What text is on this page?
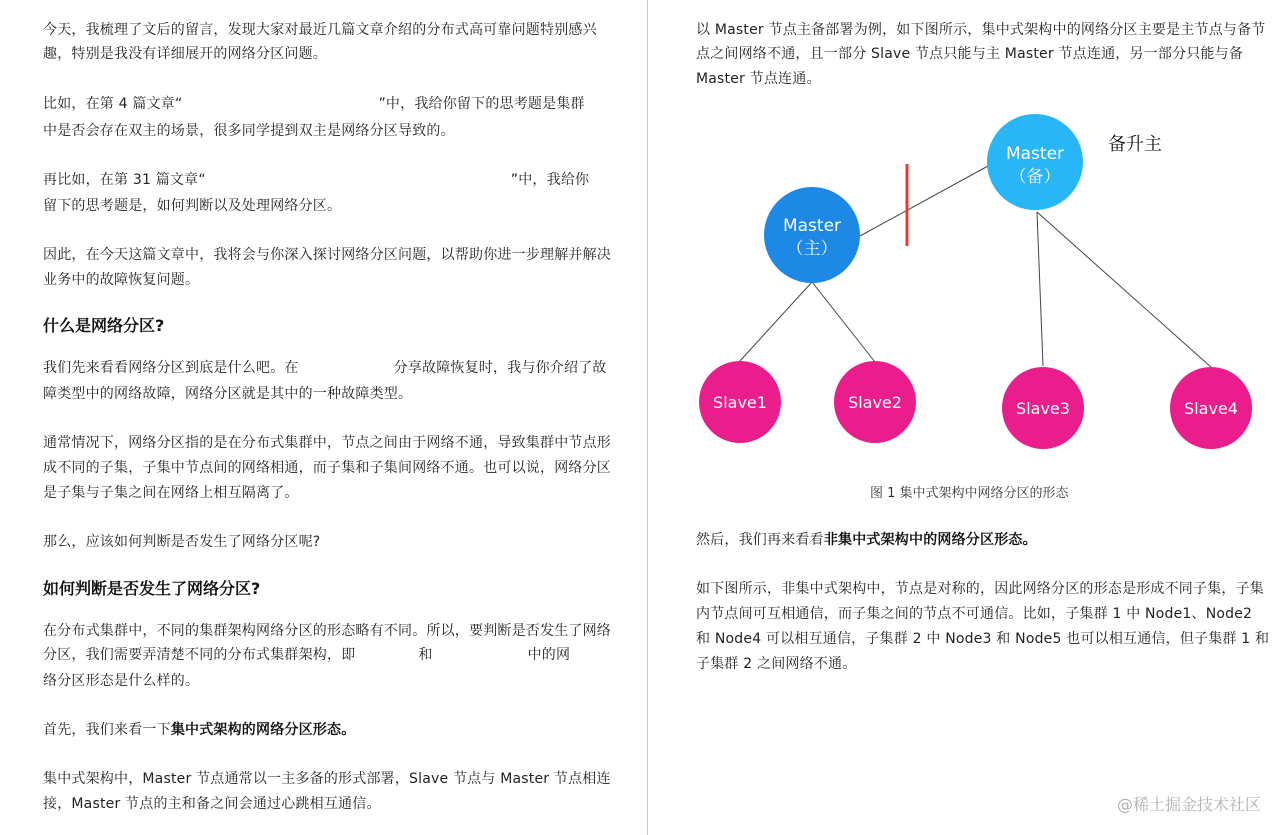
今天，我梳理了文后的留言，发现大家对最近几篇文章介绍的分布式高可靠问题特别感兴

趣，特别是我没有详细展开的网络分区问题。

比如，在第 4 篇文章“	”中，我给你留下的思考题是集群

中是否会存在双主的场景，很多同学提到双主是网络分区导致的。

再比如，在第 31 篇文章“	”中，我给你

留下的思考题是，如何判断以及处理网络分区。

因此，在今天这篇文章中，我将会与你深入探讨网络分区问题，以帮助你进一步理解并解决

业务中的故障恢复问题。

什么是网络分区?

我们先来看看网络分区到底是什么吧。在	分享故障恢复时，我与你介绍了故

障类型中的网络故障，网络分区就是其中的一种故障类型。

通常情况下，网络分区指的是在分布式集群中，节点之间由于网络不通，导致集群中节点形

成不同的子集，子集中节点间的网络相通，而子集和子集间网络不通。也可以说，网络分区

是子集与子集之间在网络上相互隔离了。

那么，应该如何判断是否发生了网络分区呢?

如何判断是否发生了网络分区?

在分布式集群中，不同的集群架构网络分区的形态略有不同。所以，要判断是否发生了网络

分区，我们需要弄清楚不同的分布式集群架构，即	和	中的网

络分区形态是什么样的。

首先，我们来看一下集中式架构的网络分区形态。

集中式架构中，Master 节点通常以一主多备的形式部署，Slave 节点与 Master 节点相连

接，Master 节点的主和备之间会通过心跳相互通信。

以 Master 节点主备部署为例，如下图所示，集中式架构中的网络分区主要是主节点与备节

点之间网络不通，且一部分 Slave 节点只能与主 Master 节点连通，另一部分只能与备

Master 节点连通。

Master
（主）
Master
（备）
备升主
Slave1	Slave2	Slave3	Slave4
图 1 集中式架构中网络分区的形态

然后，我们再来看看非集中式架构中的网络分区形态。

如下图所示，非集中式架构中，节点是对称的，因此网络分区的形态是形成不同子集，子集

内节点间可互相通信，而子集之间的节点不可通信。比如，子集群 1 中 Node1、Node2

和 Node4 可以相互通信，子集群 2 中 Node3 和 Node5 也可以相互通信，但子集群 1 和

子集群 2 之间网络不通。

@稀土掘金技术社区
